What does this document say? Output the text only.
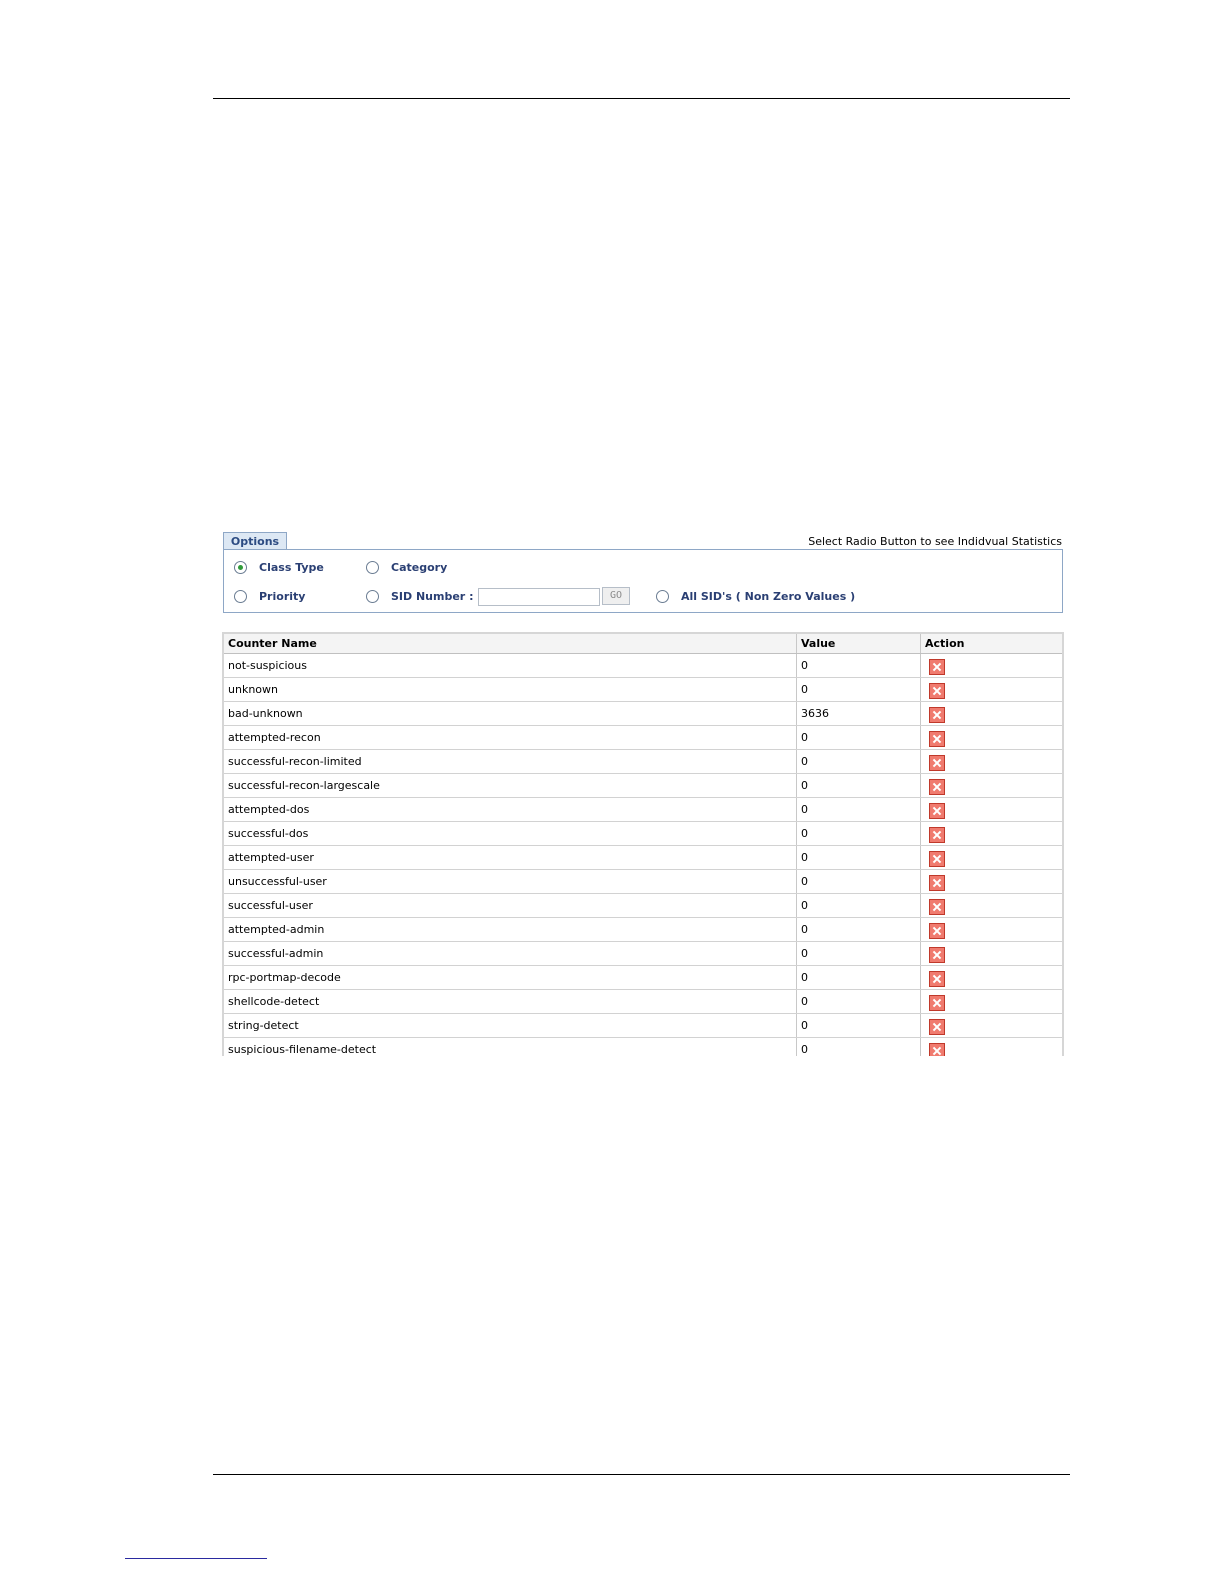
Options	Select Radio Button to see Indidvual Statistics
Class Type	Category
Priority	SID Number :	GO	All SID's ( Non Zero Values )
Counter Name	Value	Action
not-suspicious	0	
unknown	0	
bad-unknown	3636	
attempted-recon	0	
successful-recon-limited	0	
successful-recon-largescale	0	
attempted-dos	0	
successful-dos	0	
attempted-user	0	
unsuccessful-user	0	
successful-user	0	
attempted-admin	0	
successful-admin	0	
rpc-portmap-decode	0	
shellcode-detect	0	
string-detect	0	
suspicious-filename-detect	0	
